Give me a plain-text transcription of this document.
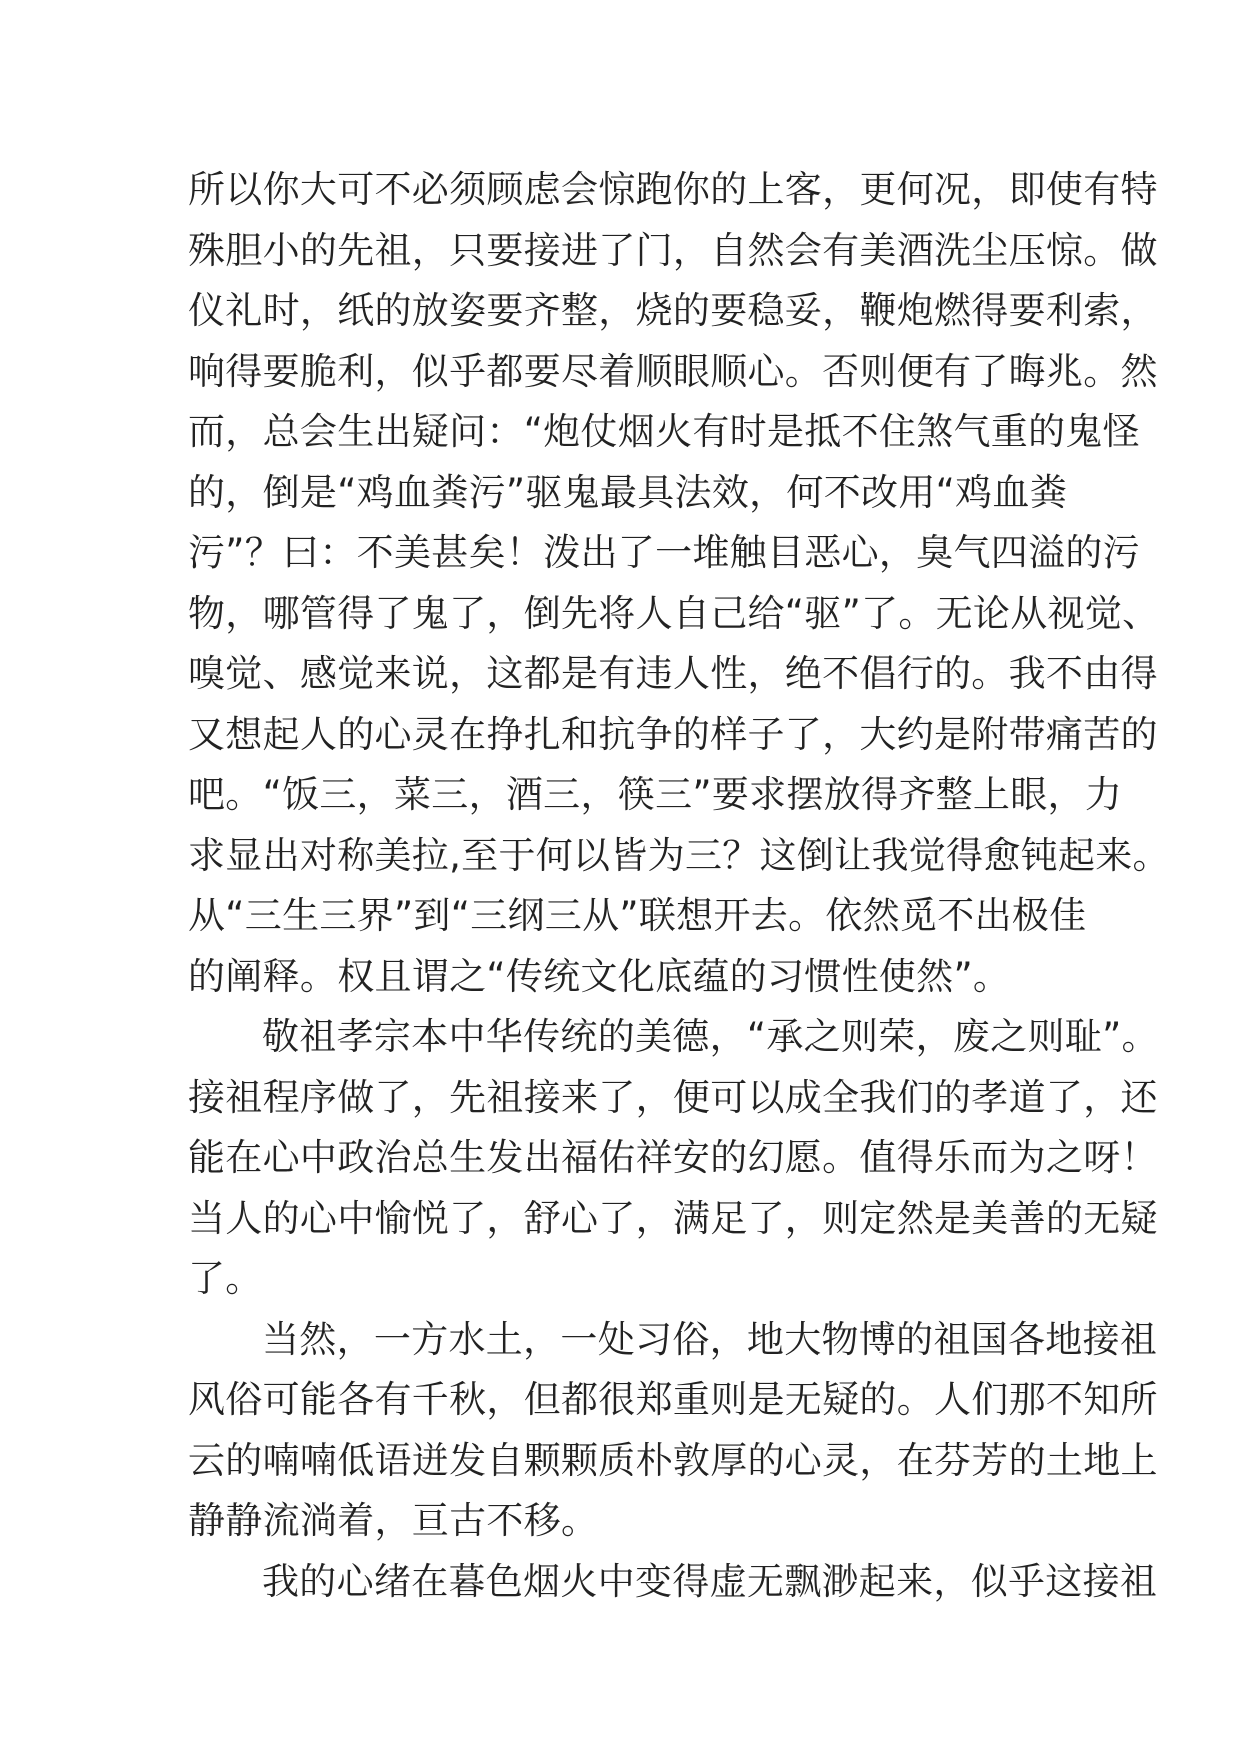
所以你大可不必须顾虑会惊跑你的上客，更何况，即使有特
殊胆小的先祖，只要接进了门，自然会有美酒洗尘压惊。做
仪礼时，纸的放姿要齐整，烧的要稳妥，鞭炮燃得要利索，
响得要脆利，似乎都要尽着顺眼顺心。否则便有了晦兆。然
而，总会生出疑问：“炮仗烟火有时是抵不住煞气重的鬼怪
的，倒是“鸡血粪污”驱鬼最具法效，何不改用“鸡血粪
污”？曰：不美甚矣！泼出了一堆触目恶心，臭气四溢的污
物，哪管得了鬼了，倒先将人自己给“驱”了。无论从视觉、
嗅觉、感觉来说，这都是有违人性，绝不倡行的。我不由得
又想起人的心灵在挣扎和抗争的样子了，大约是附带痛苦的
吧。“饭三，菜三，酒三，筷三”要求摆放得齐整上眼，力
求显出对称美拉,至于何以皆为三？这倒让我觉得愈钝起来。
从“三生三界”到“三纲三从”联想开去。依然觅不出极佳
的阐释。权且谓之“传统文化底蕴的习惯性使然”。

敬祖孝宗本中华传统的美德，“承之则荣，废之则耻”。
接祖程序做了，先祖接来了，便可以成全我们的孝道了，还
能在心中政治总生发出福佑祥安的幻愿。值得乐而为之呀！
当人的心中愉悦了，舒心了，满足了，则定然是美善的无疑
了。

当然，一方水土，一处习俗，地大物博的祖国各地接祖
风俗可能各有千秋，但都很郑重则是无疑的。人们那不知所
云的喃喃低语迸发自颗颗质朴敦厚的心灵，在芬芳的土地上
静静流淌着，亘古不移。

我的心绪在暮色烟火中变得虚无飘渺起来，似乎这接祖
